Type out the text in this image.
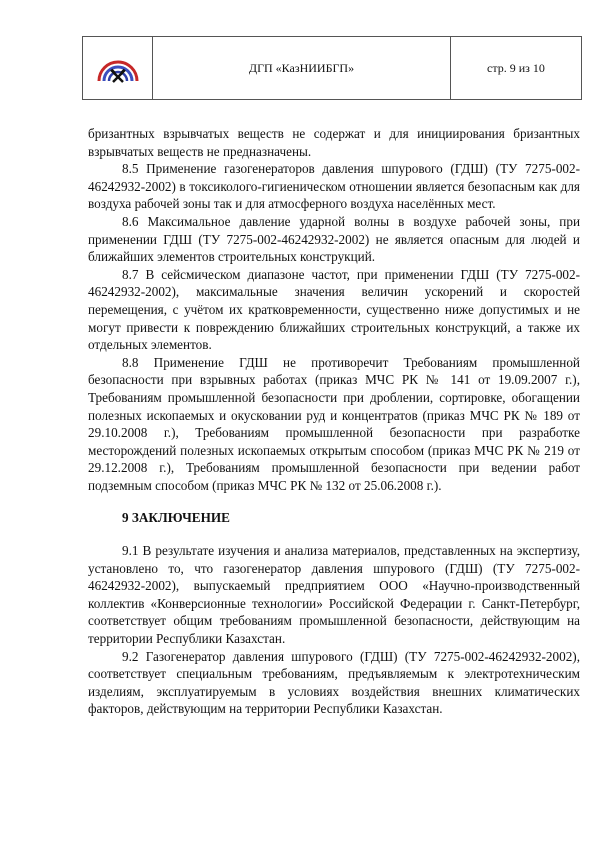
ДГП «КазНИИБГП»	стр. 9 из 10

бризантных взрывчатых веществ не содержат и для инициирования бризантных взрывчатых веществ не предназначены.

8.5 Применение газогенераторов давления шпурового (ГДШ) (ТУ 7275-002-46242932-2002) в токсиколого-гигиеническом отношении является безопасным как для воздуха рабочей зоны так и для атмосферного воздуха населённых мест.

8.6 Максимальное давление ударной волны в воздухе рабочей зоны, при применении ГДШ (ТУ 7275-002-46242932-2002) не является опасным для людей и ближайших элементов строительных конструкций.

8.7 В сейсмическом диапазоне частот, при применении ГДШ (ТУ 7275-002-46242932-2002), максимальные значения величин ускорений и скоростей перемещения, с учётом их кратковременности, существенно ниже допустимых и не могут привести к повреждению ближайших строительных конструкций, а также их отдельных элементов.

8.8 Применение ГДШ не противоречит Требованиям промышленной безопасности при взрывных работах (приказ МЧС РК № 141 от 19.09.2007 г.), Требованиям промышленной безопасности при дроблении, сортировке, обогащении полезных ископаемых и окусковании руд и концентратов (приказ МЧС РК № 189 от 29.10.2008 г.), Требованиям промышленной безопасности при разработке месторождений полезных ископаемых открытым способом (приказ МЧС РК № 219 от 29.12.2008 г.), Требованиям промышленной безопасности при ведении работ подземным способом (приказ МЧС РК № 132 от 25.06.2008 г.).

9 ЗАКЛЮЧЕНИЕ

9.1 В результате изучения и анализа материалов, представленных на экспертизу, установлено то, что газогенератор давления шпурового (ГДШ) (ТУ 7275-002-46242932-2002), выпускаемый предприятием ООО «Научно-производственный коллектив «Конверсионные технологии» Российской Федерации г. Санкт-Петербург, соответствует общим требованиям промышленной безопасности, действующим на территории Республики Казахстан.

9.2 Газогенератор давления шпурового (ГДШ) (ТУ 7275-002-46242932-2002), соответствует специальным требованиям, предъявляемым к электротехническим изделиям, эксплуатируемым в условиях воздействия внешних климатических факторов, действующим на территории Республики Казахстан.
